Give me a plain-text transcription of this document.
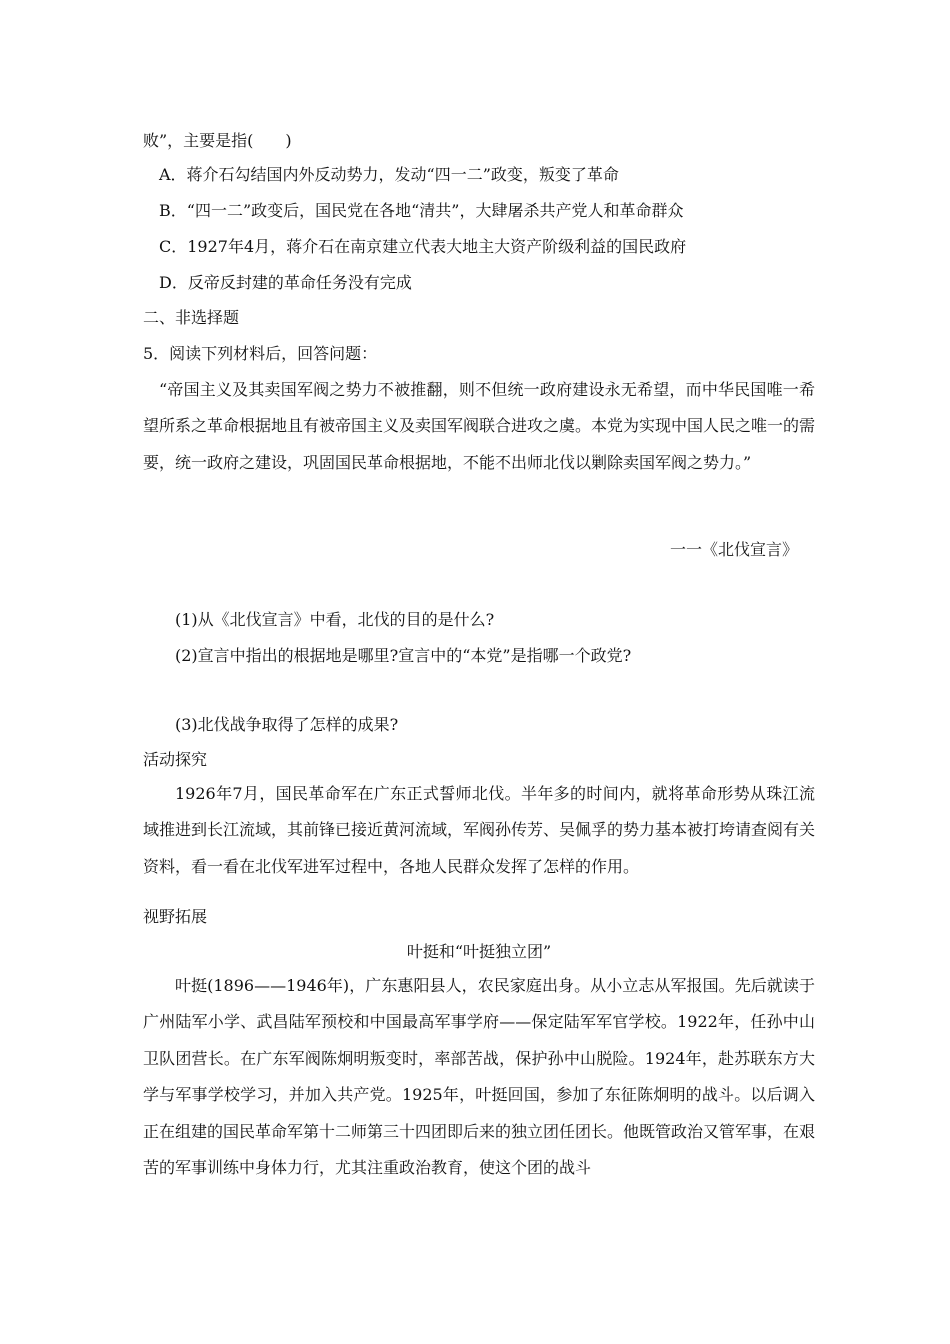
败”，主要是指(　　)
A．蒋介石勾结国内外反动势力，发动“四一二”政变，叛变了革命
B．“四一二”政变后，国民党在各地“清共”，大肆屠杀共产党人和革命群众
C．1927年4月，蒋介石在南京建立代表大地主大资产阶级利益的国民政府
D．反帝反封建的革命任务没有完成
二、非选择题
5．阅读下列材料后，回答问题：
“帝国主义及其卖国军阀之势力不被推翻，则不但统一政府建设永无希望，而中华民国唯一希望所系之革命根据地且有被帝国主义及卖国军阀联合进攻之虞。本党为实现中国人民之唯一的需要，统一政府之建设，巩固国民革命根据地，不能不出师北伐以剿除卖国军阀之势力。”
一一《北伐宣言》
(1)从《北伐宣言》中看，北伐的目的是什么?
(2)宣言中指出的根据地是哪里?宣言中的“本党”是指哪一个政党?
(3)北伐战争取得了怎样的成果?
活动探究
1926年7月，国民革命军在广东正式誓师北伐。半年多的时间内，就将革命形势从珠江流域推进到长江流域，其前锋已接近黄河流域，军阀孙传芳、吴佩孚的势力基本被打垮请查阅有关资料，看一看在北伐军进军过程中，各地人民群众发挥了怎样的作用。
视野拓展
叶挺和“叶挺独立团”
叶挺(1896——1946年)，广东惠阳县人，农民家庭出身。从小立志从军报国。先后就读于广州陆军小学、武昌陆军预校和中国最高军事学府——保定陆军军官学校。1922年，任孙中山卫队团营长。在广东军阀陈炯明叛变时，率部苦战，保护孙中山脱险。1924年，赴苏联东方大学与军事学校学习，并加入共产党。1925年，叶挺回国，参加了东征陈炯明的战斗。以后调入正在组建的国民革命军第十二师第三十四团即后来的独立团任团长。他既管政治又管军事，在艰苦的军事训练中身体力行，尤其注重政治教育，使这个团的战斗
